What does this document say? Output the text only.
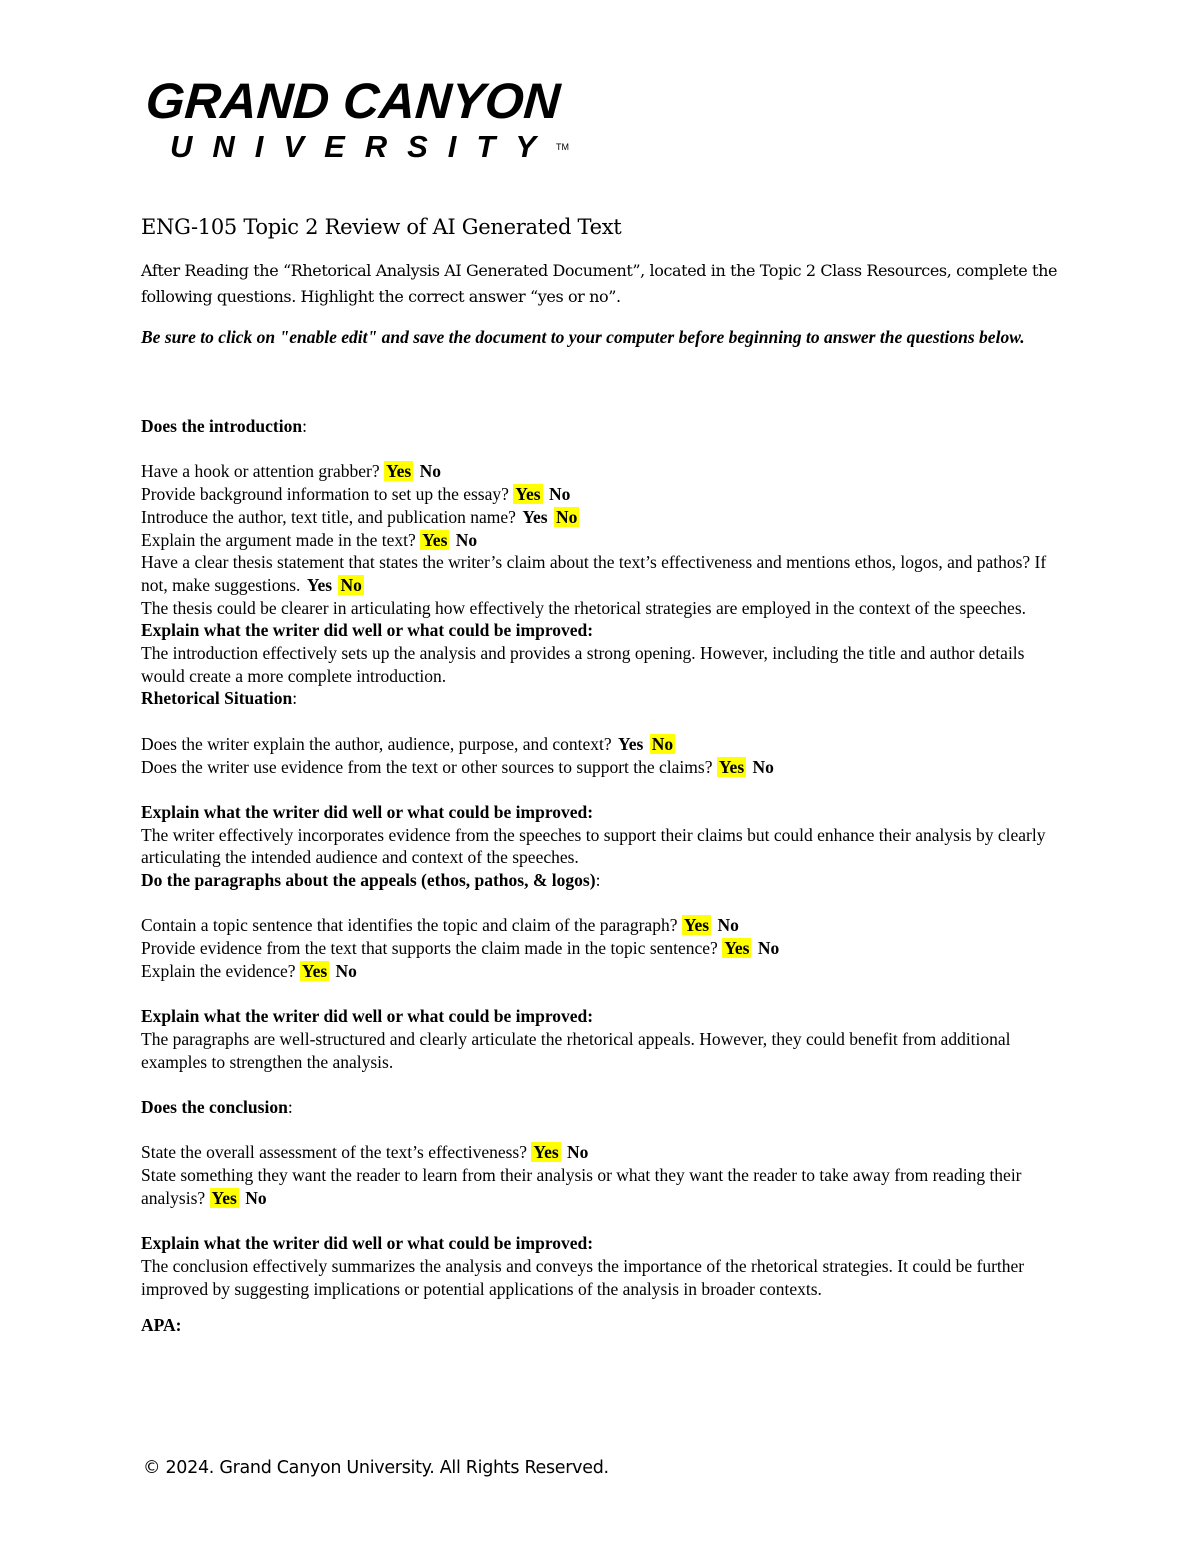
GRAND CANYON
UNIVERSITY™
ENG-105 Topic 2 Review of AI Generated Text
After Reading the “Rhetorical Analysis AI Generated Document”, located in the Topic 2 Class Resources, complete the following questions. Highlight the correct answer “yes or no”.
Be sure to click on "enable edit" and save the document to your computer before beginning to answer the questions below.
Does the introduction:
Have a hook or attention grabber? Yes No
Provide background information to set up the essay? Yes No
Introduce the author, text title, and publication name? Yes No
Explain the argument made in the text? Yes No
Have a clear thesis statement that states the writer’s claim about the text’s effectiveness and mentions ethos, logos, and pathos? If not, make suggestions. Yes No
The thesis could be clearer in articulating how effectively the rhetorical strategies are employed in the context of the speeches.
Explain what the writer did well or what could be improved:
The introduction effectively sets up the analysis and provides a strong opening. However, including the title and author details would create a more complete introduction.
Rhetorical Situation:
Does the writer explain the author, audience, purpose, and context? Yes No
Does the writer use evidence from the text or other sources to support the claims? Yes No
Explain what the writer did well or what could be improved:
The writer effectively incorporates evidence from the speeches to support their claims but could enhance their analysis by clearly articulating the intended audience and context of the speeches.
Do the paragraphs about the appeals (ethos, pathos, & logos):
Contain a topic sentence that identifies the topic and claim of the paragraph? Yes No
Provide evidence from the text that supports the claim made in the topic sentence? Yes No
Explain the evidence? Yes No
Explain what the writer did well or what could be improved:
The paragraphs are well-structured and clearly articulate the rhetorical appeals. However, they could benefit from additional examples to strengthen the analysis.
Does the conclusion:
State the overall assessment of the text’s effectiveness? Yes No
State something they want the reader to learn from their analysis or what they want the reader to take away from reading their analysis? Yes No
Explain what the writer did well or what could be improved:
The conclusion effectively summarizes the analysis and conveys the importance of the rhetorical strategies. It could be further improved by suggesting implications or potential applications of the analysis in broader contexts.
APA:
© 2024. Grand Canyon University. All Rights Reserved.
